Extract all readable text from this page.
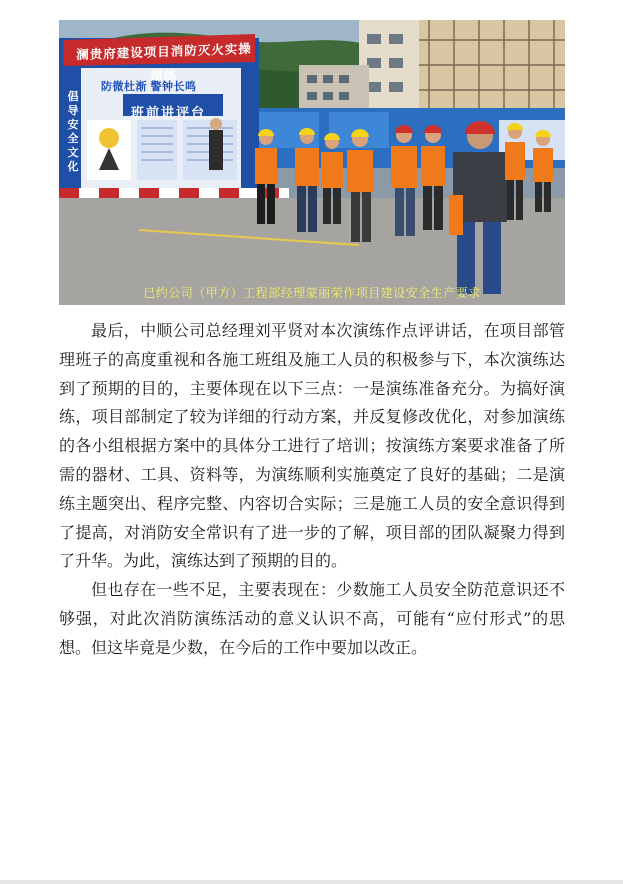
澜贵府建设项目消防灭火实操演练
防微杜渐 警钟长鸣
倡导安全文化
班前讲评台
已约公司（甲方）工程部经理蒙丽荣作项目建设安全生产要求

最后，中顺公司总经理刘平贤对本次演练作点评讲话，在项目部管理班子的高度重视和各施工班组及施工人员的积极参与下，本次演练达到了预期的目的，主要体现在以下三点：一是演练准备充分。为搞好演练，项目部制定了较为详细的行动方案，并反复修改优化，对参加演练的各小组根据方案中的具体分工进行了培训；按演练方案要求准备了所需的器材、工具、资料等，为演练顺利实施奠定了良好的基础；二是演练主题突出、程序完整、内容切合实际；三是施工人员的安全意识得到了提高，对消防安全常识有了进一步的了解，项目部的团队凝聚力得到了升华。为此，演练达到了预期的目的。

但也存在一些不足，主要表现在：少数施工人员安全防范意识还不够强，对此次消防演练活动的意义认识不高，可能有“应付形式”的思想。但这毕竟是少数，在今后的工作中要加以改正。
